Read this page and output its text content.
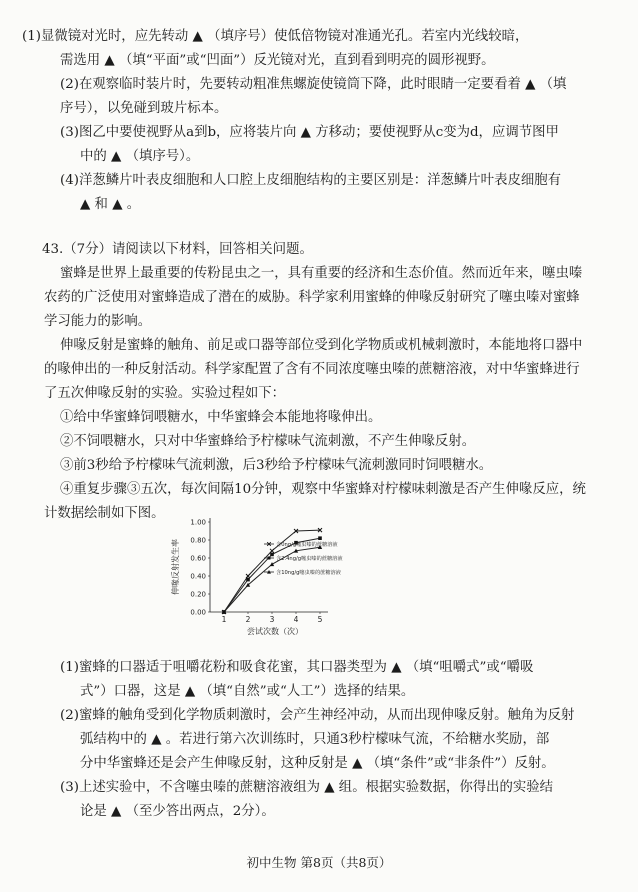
(1)显微镜对光时，应先转动 ▲ （填序号）使低倍物镜对准通光孔。若室内光线较暗，
需选用 ▲ （填“平面”或“凹面”）反光镜对光，直到看到明亮的圆形视野。
(2)在观察临时装片时，先要转动粗准焦螺旋使镜筒下降，此时眼睛一定要看着 ▲ （填
序号），以免碰到玻片标本。
(3)图乙中要使视野从a到b，应将装片向 ▲ 方移动；要使视野从c变为d，应调节图甲
中的 ▲ （填序号）。
(4)洋葱鳞片叶表皮细胞和人口腔上皮细胞结构的主要区别是：洋葱鳞片叶表皮细胞有
▲ 和 ▲ 。
43.（7分）请阅读以下材料，回答相关问题。
蜜蜂是世界上最重要的传粉昆虫之一，具有重要的经济和生态价值。然而近年来，噻虫嗪
农药的广泛使用对蜜蜂造成了潜在的威胁。科学家利用蜜蜂的伸喙反射研究了噻虫嗪对蜜蜂
学习能力的影响。
伸喙反射是蜜蜂的触角、前足或口器等部位受到化学物质或机械刺激时，本能地将口器中
的喙伸出的一种反射活动。科学家配置了含有不同浓度噻虫嗪的蔗糖溶液，对中华蜜蜂进行
了五次伸喙反射的实验。实验过程如下：
①给中华蜜蜂饲喂糖水，中华蜜蜂会本能地将喙伸出。
②不饲喂糖水，只对中华蜜蜂给予柠檬味气流刺激，不产生伸喙反射。
③前3秒给予柠檬味气流刺激，后3秒给予柠檬味气流刺激同时饲喂糖水。
④重复步骤③五次，每次间隔10分钟，观察中华蜜蜂对柠檬味刺激是否产生伸喙反应，统
计数据绘制如下图。
0.00
0.20
0.40
0.60
0.80
1.00
1	2	3	4	5
尝试次数（次）
伸喙反射发生率	含0ng/g噻虫嗪的蔗糖溶液
含2.4ng/g噻虫嗪的蔗糖溶液
含10ng/g噻虫嗪的蔗糖溶液
(1)蜜蜂的口器适于咀嚼花粉和吸食花蜜，其口器类型为 ▲ （填“咀嚼式”或“嚼吸
式”）口器，这是 ▲ （填“自然”或“人工”）选择的结果。
(2)蜜蜂的触角受到化学物质刺激时，会产生神经冲动，从而出现伸喙反射。触角为反射
弧结构中的 ▲ 。若进行第六次训练时，只通3秒柠檬味气流，不给糖水奖励，部
分中华蜜蜂还是会产生伸喙反射，这种反射是 ▲ （填“条件”或“非条件”）反射。
(3)上述实验中，不含噻虫嗪的蔗糖溶液组为 ▲ 组。根据实验数据，你得出的实验结
论是 ▲ （至少答出两点，2分）。
初中生物 第8页（共8页）
